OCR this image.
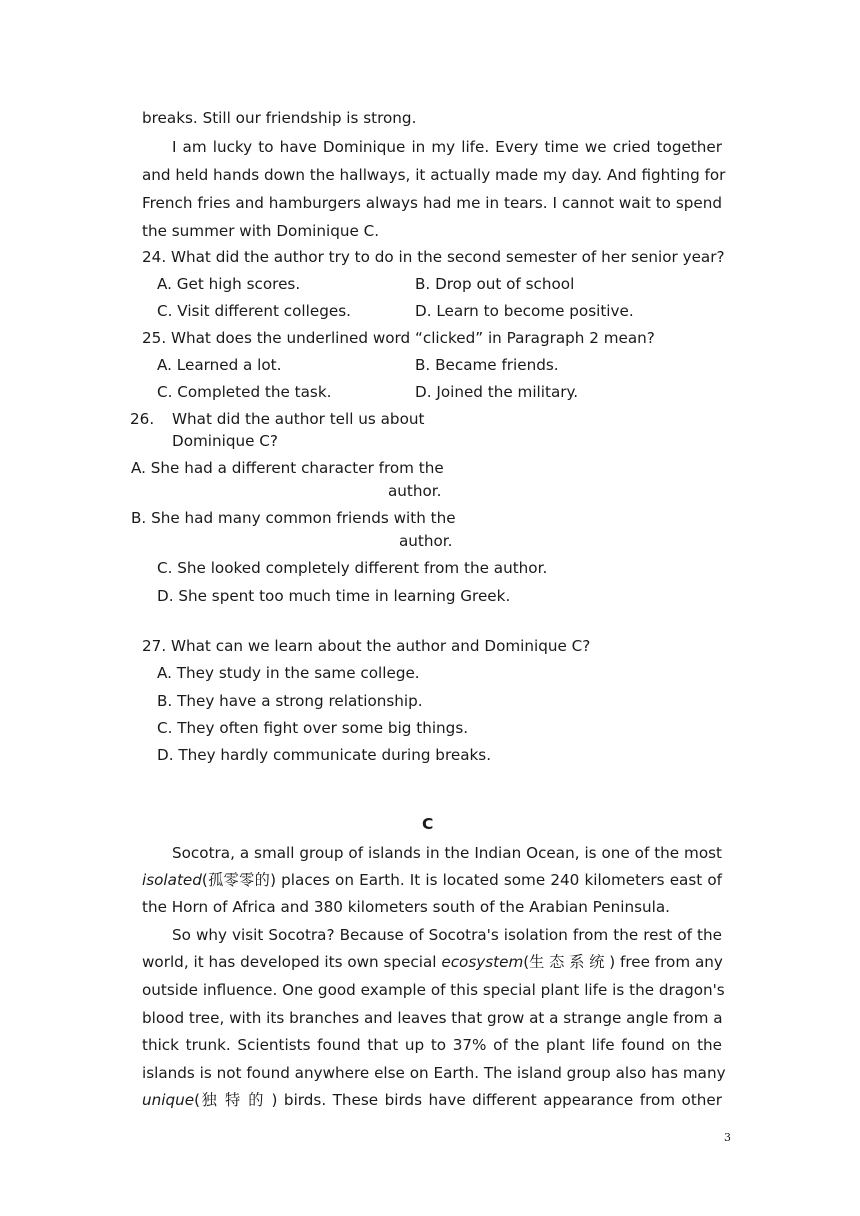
breaks. Still our friendship is strong.
I am lucky to have Dominique in my life. Every time we cried together
and held hands down the hallways, it actually made my day. And fighting for
French fries and hamburgers always had me in tears. I cannot wait to spend
the summer with Dominique C.
24. What did the author try to do in the second semester of her senior year?
A. Get high scores.	B. Drop out of school
C. Visit different colleges.	D. Learn to become positive.
25. What does the underlined word “clicked” in Paragraph 2 mean?
A. Learned a lot.	B. Became friends.
C. Completed the task.	D. Joined the military.
26. What did the author tell us about
Dominique C?
A. She had a different character from the
author.
B. She had many common friends with the
author.
C. She looked completely different from the author.
D. She spent too much time in learning Greek.
27. What can we learn about the author and Dominique C?
A. They study in the same college.
B. They have a strong relationship.
C. They often fight over some big things.
D. They hardly communicate during breaks.
C
Socotra, a small group of islands in the Indian Ocean, is one of the most
isolated(孤零零的) places on Earth. It is located some 240 kilometers east of
the Horn of Africa and 380 kilometers south of the Arabian Peninsula.
So why visit Socotra? Because of Socotra's isolation from the rest of the
world, it has developed its own special ecosystem(生 态 系 统 ) free from any
outside influence. One good example of this special plant life is the dragon's
blood tree, with its branches and leaves that grow at a strange angle from a
thick trunk. Scientists found that up to 37% of the plant life found on the
islands is not found anywhere else on Earth. The island group also has many
unique(独 特 的 ) birds. These birds have different appearance from other
3
